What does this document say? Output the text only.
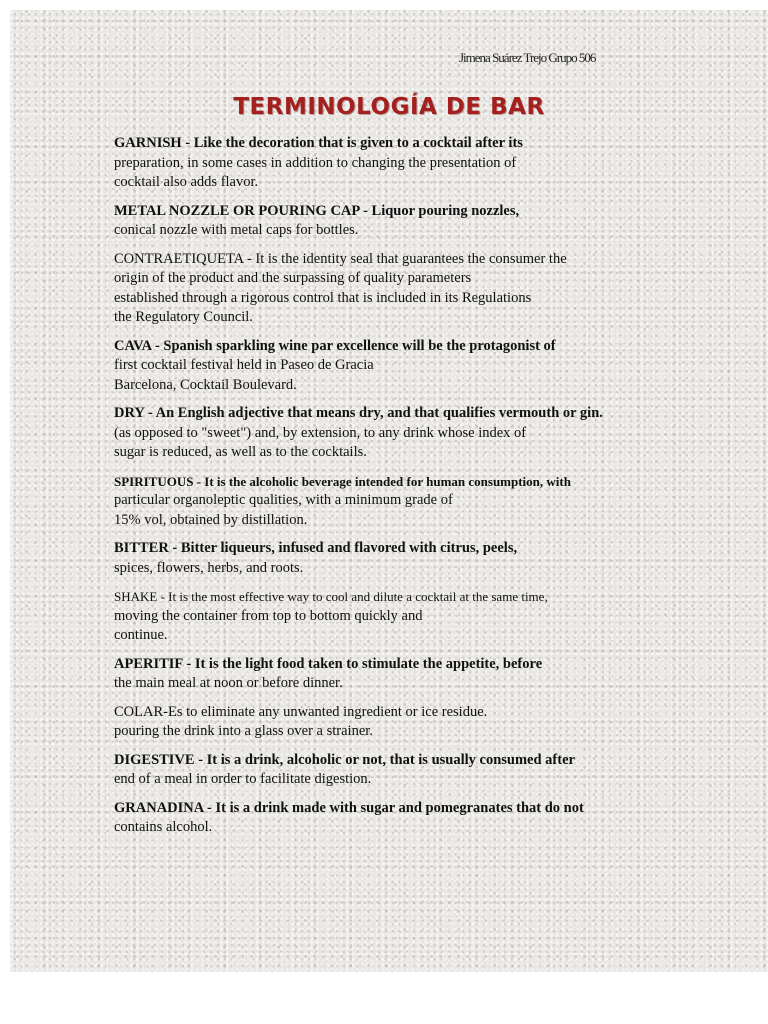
Jimena Suárez Trejo Grupo 506
TERMINOLOGÍA DE BAR
GARNISH - Like the decoration that is given to a cocktail after its
preparation, in some cases in addition to changing the presentation of
cocktail also adds flavor.
METAL NOZZLE OR POURING CAP - Liquor pouring nozzles,
conical nozzle with metal caps for bottles.
CONTRAETIQUETA - It is the identity seal that guarantees the consumer the
origin of the product and the surpassing of quality parameters
established through a rigorous control that is included in its Regulations
the Regulatory Council.
CAVA - Spanish sparkling wine par excellence will be the protagonist of
first cocktail festival held in Paseo de Gracia
Barcelona, Cocktail Boulevard.
DRY - An English adjective that means dry, and that qualifies vermouth or gin.
(as opposed to "sweet") and, by extension, to any drink whose index of
sugar is reduced, as well as to the cocktails.
SPIRITUOUS - It is the alcoholic beverage intended for human consumption, with
particular organoleptic qualities, with a minimum grade of
15% vol, obtained by distillation.
BITTER - Bitter liqueurs, infused and flavored with citrus, peels,
spices, flowers, herbs, and roots.
SHAKE - It is the most effective way to cool and dilute a cocktail at the same time,
moving the container from top to bottom quickly and
continue.
APERITIF - It is the light food taken to stimulate the appetite, before
the main meal at noon or before dinner.
COLAR-Es to eliminate any unwanted ingredient or ice residue.
pouring the drink into a glass over a strainer.
DIGESTIVE - It is a drink, alcoholic or not, that is usually consumed after
end of a meal in order to facilitate digestion.
GRANADINA - It is a drink made with sugar and pomegranates that do not
contains alcohol.
